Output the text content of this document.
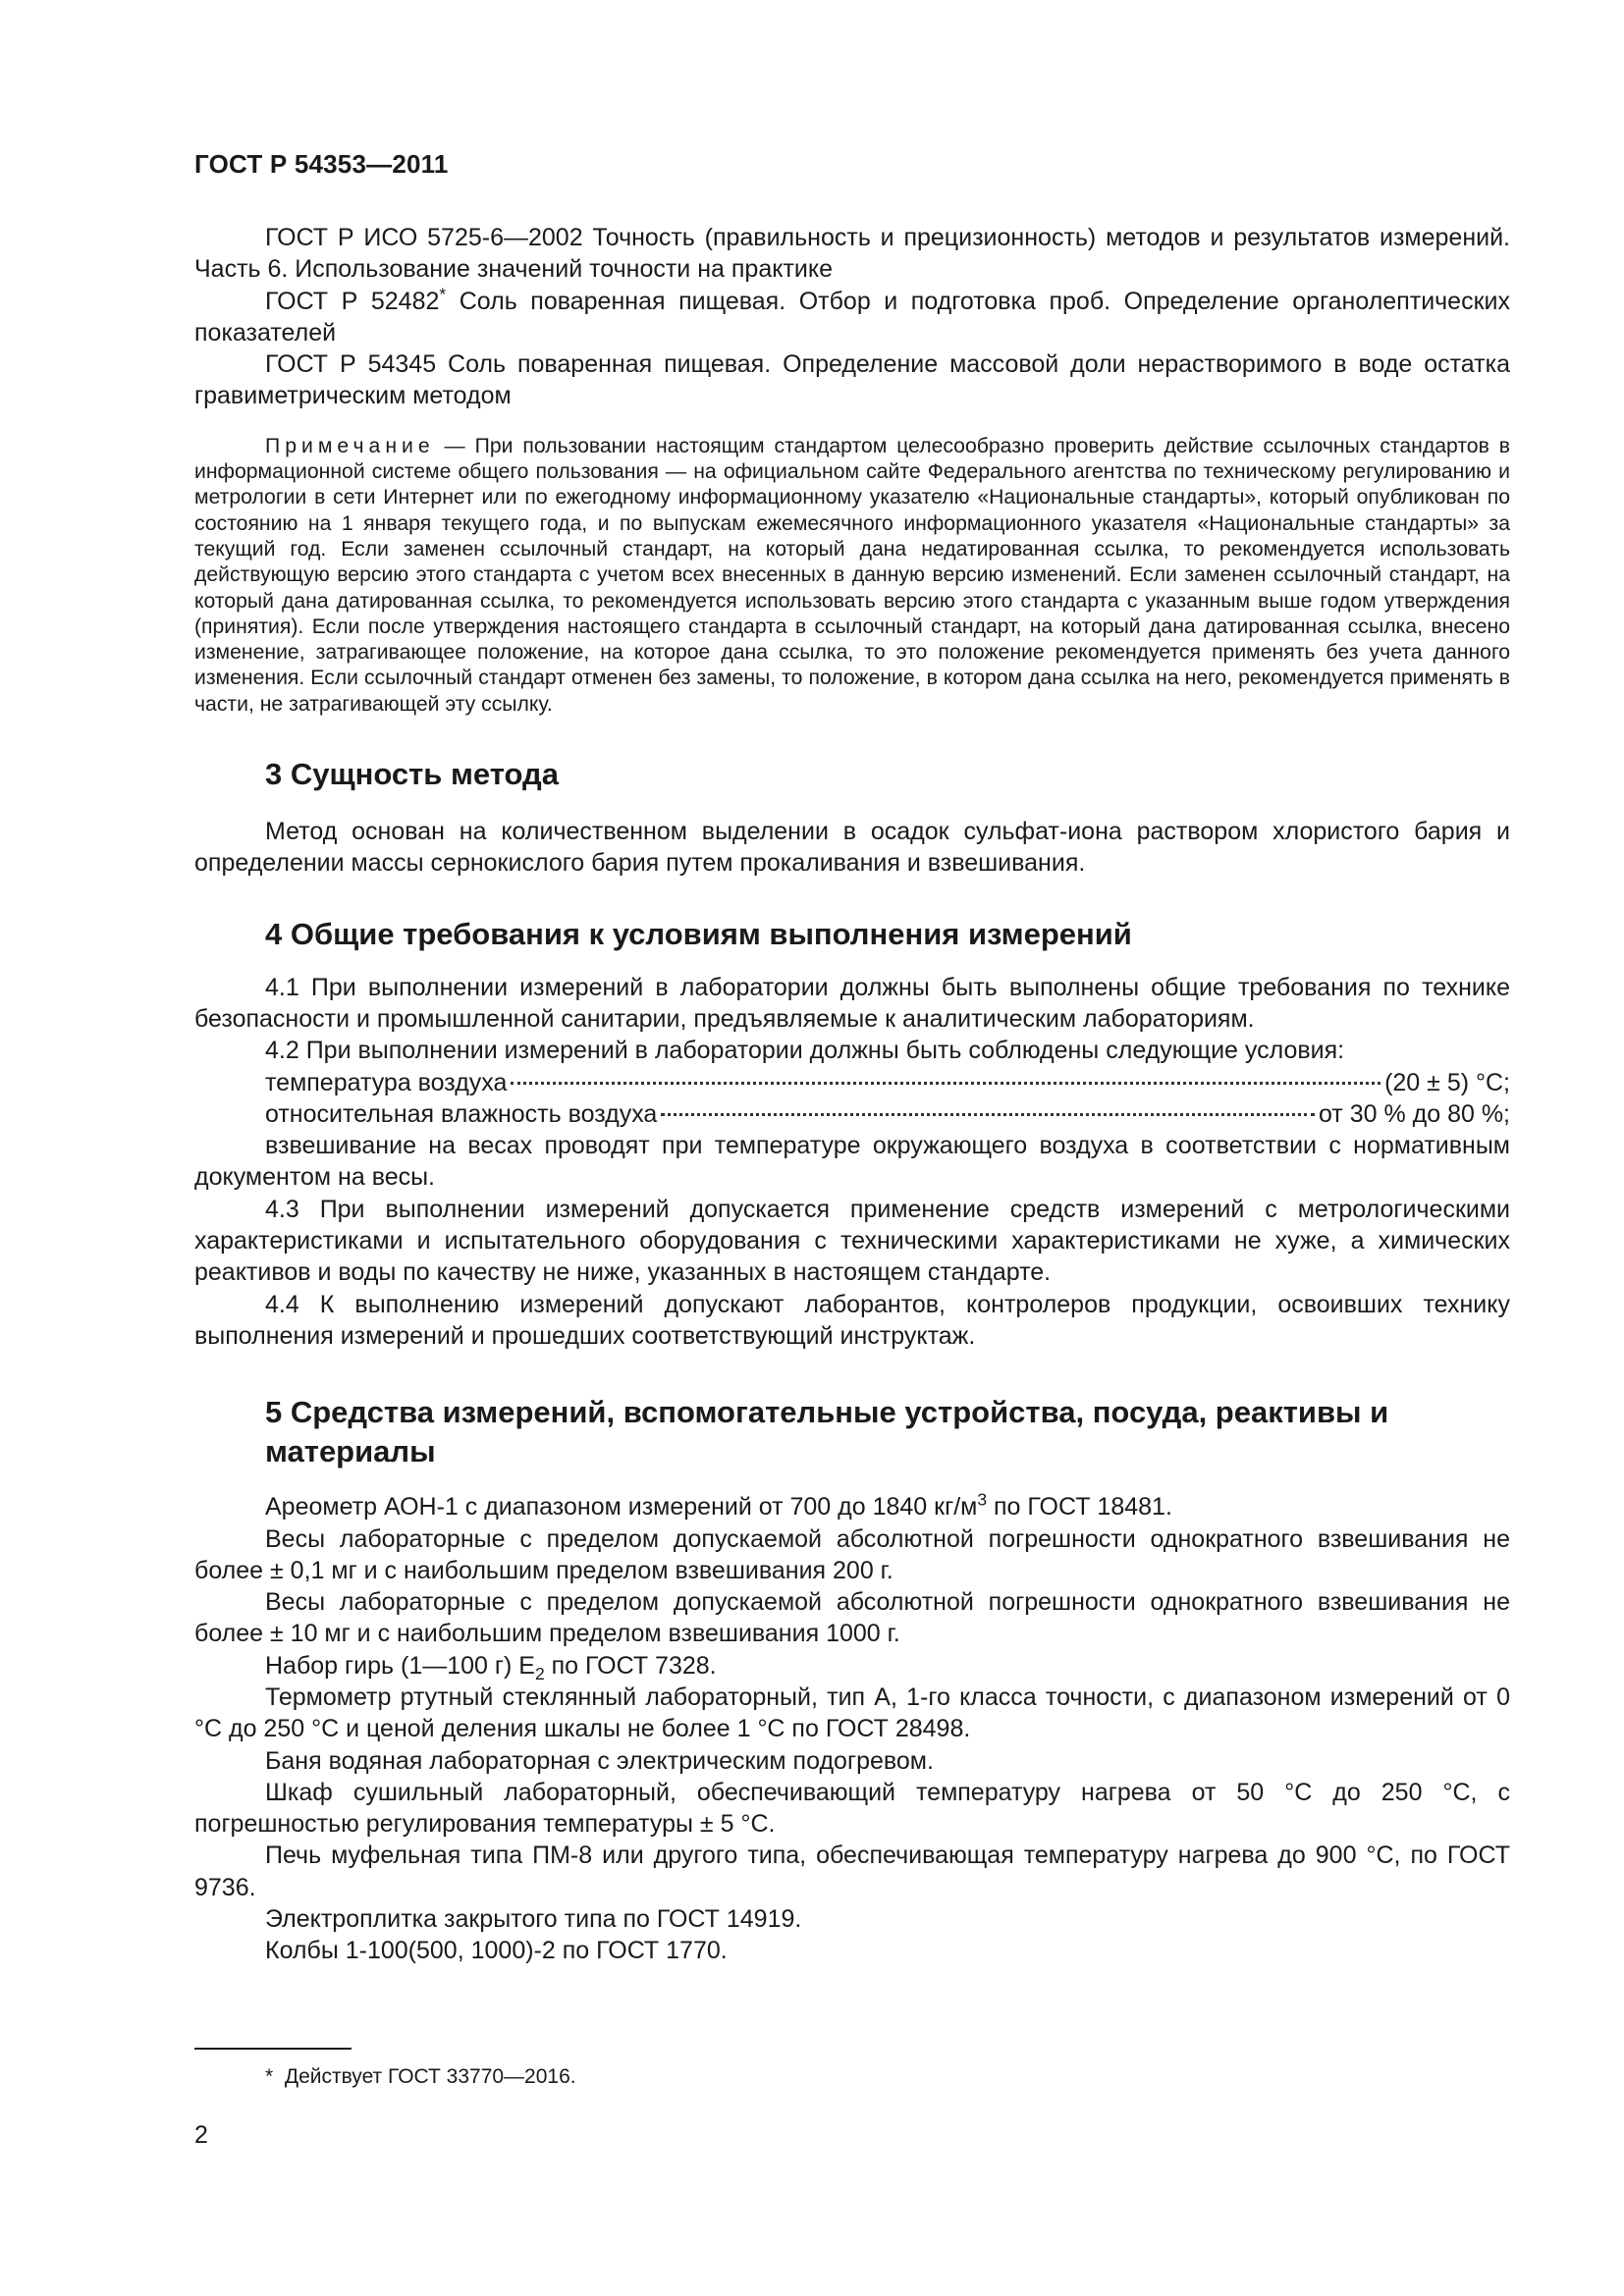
ГОСТ Р 54353—2011

ГОСТ Р ИСО 5725-6—2002 Точность (правильность и прецизионность) методов и результатов измерений. Часть 6. Использование значений точности на практике

ГОСТ Р 52482* Соль поваренная пищевая. Отбор и подготовка проб. Определение органолептических показателей

ГОСТ Р 54345 Соль поваренная пищевая. Определение массовой доли нерастворимого в воде остатка гравиметрическим методом

Примечание — При пользовании настоящим стандартом целесообразно проверить действие ссылочных стандартов в информационной системе общего пользования — на официальном сайте Федерального агентства по техническому регулированию и метрологии в сети Интернет или по ежегодному информационному указателю «Национальные стандарты», который опубликован по состоянию на 1 января текущего года, и по выпускам ежемесячного информационного указателя «Национальные стандарты» за текущий год. Если заменен ссылочный стандарт, на который дана недатированная ссылка, то рекомендуется использовать действующую версию этого стандарта с учетом всех внесенных в данную версию изменений. Если заменен ссылочный стандарт, на который дана датированная ссылка, то рекомендуется использовать версию этого стандарта с указанным выше годом утверждения (принятия). Если после утверждения настоящего стандарта в ссылочный стандарт, на который дана датированная ссылка, внесено изменение, затрагивающее положение, на которое дана ссылка, то это положение рекомендуется применять без учета данного изменения. Если ссылочный стандарт отменен без замены, то положение, в котором дана ссылка на него, рекомендуется применять в части, не затрагивающей эту ссылку.
3 Сущность метода

Метод основан на количественном выделении в осадок сульфат-иона раствором хлористого бария и определении массы сернокислого бария путем прокаливания и взвешивания.

4 Общие требования к условиям выполнения измерений

4.1 При выполнении измерений в лаборатории должны быть выполнены общие требования по технике безопасности и промышленной санитарии, предъявляемые к аналитическим лабораториям.

4.2 При выполнении измерений в лаборатории должны быть соблюдены следующие условия:

температура воздуха	(20 ± 5) °С;
относительная влажность воздуха	от 30 % до 80 %;

взвешивание на весах проводят при температуре окружающего воздуха в соответствии с нормативным документом на весы.

4.3 При выполнении измерений допускается применение средств измерений с метрологическими характеристиками и испытательного оборудования с техническими характеристиками не хуже, а химических реактивов и воды по качеству не ниже, указанных в настоящем стандарте.

4.4 К выполнению измерений допускают лаборантов, контролеров продукции, освоивших технику выполнения измерений и прошедших соответствующий инструктаж.

5 Средства измерений, вспомогательные устройства, посуда, реактивы и материалы

Ареометр АОН-1 с диапазоном измерений от 700 до 1840 $кг/м^3$ по ГОСТ 18481.

Весы лабораторные с пределом допускаемой абсолютной погрешности однократного взвешивания не более ± 0,1 мг и с наибольшим пределом взвешивания 200 г.

Весы лабораторные с пределом допускаемой абсолютной погрешности однократного взвешивания не более ± 10 мг и с наибольшим пределом взвешивания 1000 г.

Набор гирь (1—100 г) $Е_2$ по ГОСТ 7328.

Термометр ртутный стеклянный лабораторный, тип А, 1-го класса точности, с диапазоном измерений от 0 °С до 250 °С и ценой деления шкалы не более 1 °С по ГОСТ 28498.

Баня водяная лабораторная с электрическим подогревом.

Шкаф сушильный лабораторный, обеспечивающий температуру нагрева от 50 °С до 250 °С, с погрешностью регулирования температуры ± 5 °С.

Печь муфельная типа ПМ-8 или другого типа, обеспечивающая температуру нагрева до 900 °С, по ГОСТ 9736.

Электроплитка закрытого типа по ГОСТ 14919.

Колбы 1-100(500, 1000)-2 по ГОСТ 1770.

* Действует ГОСТ 33770—2016.
2
